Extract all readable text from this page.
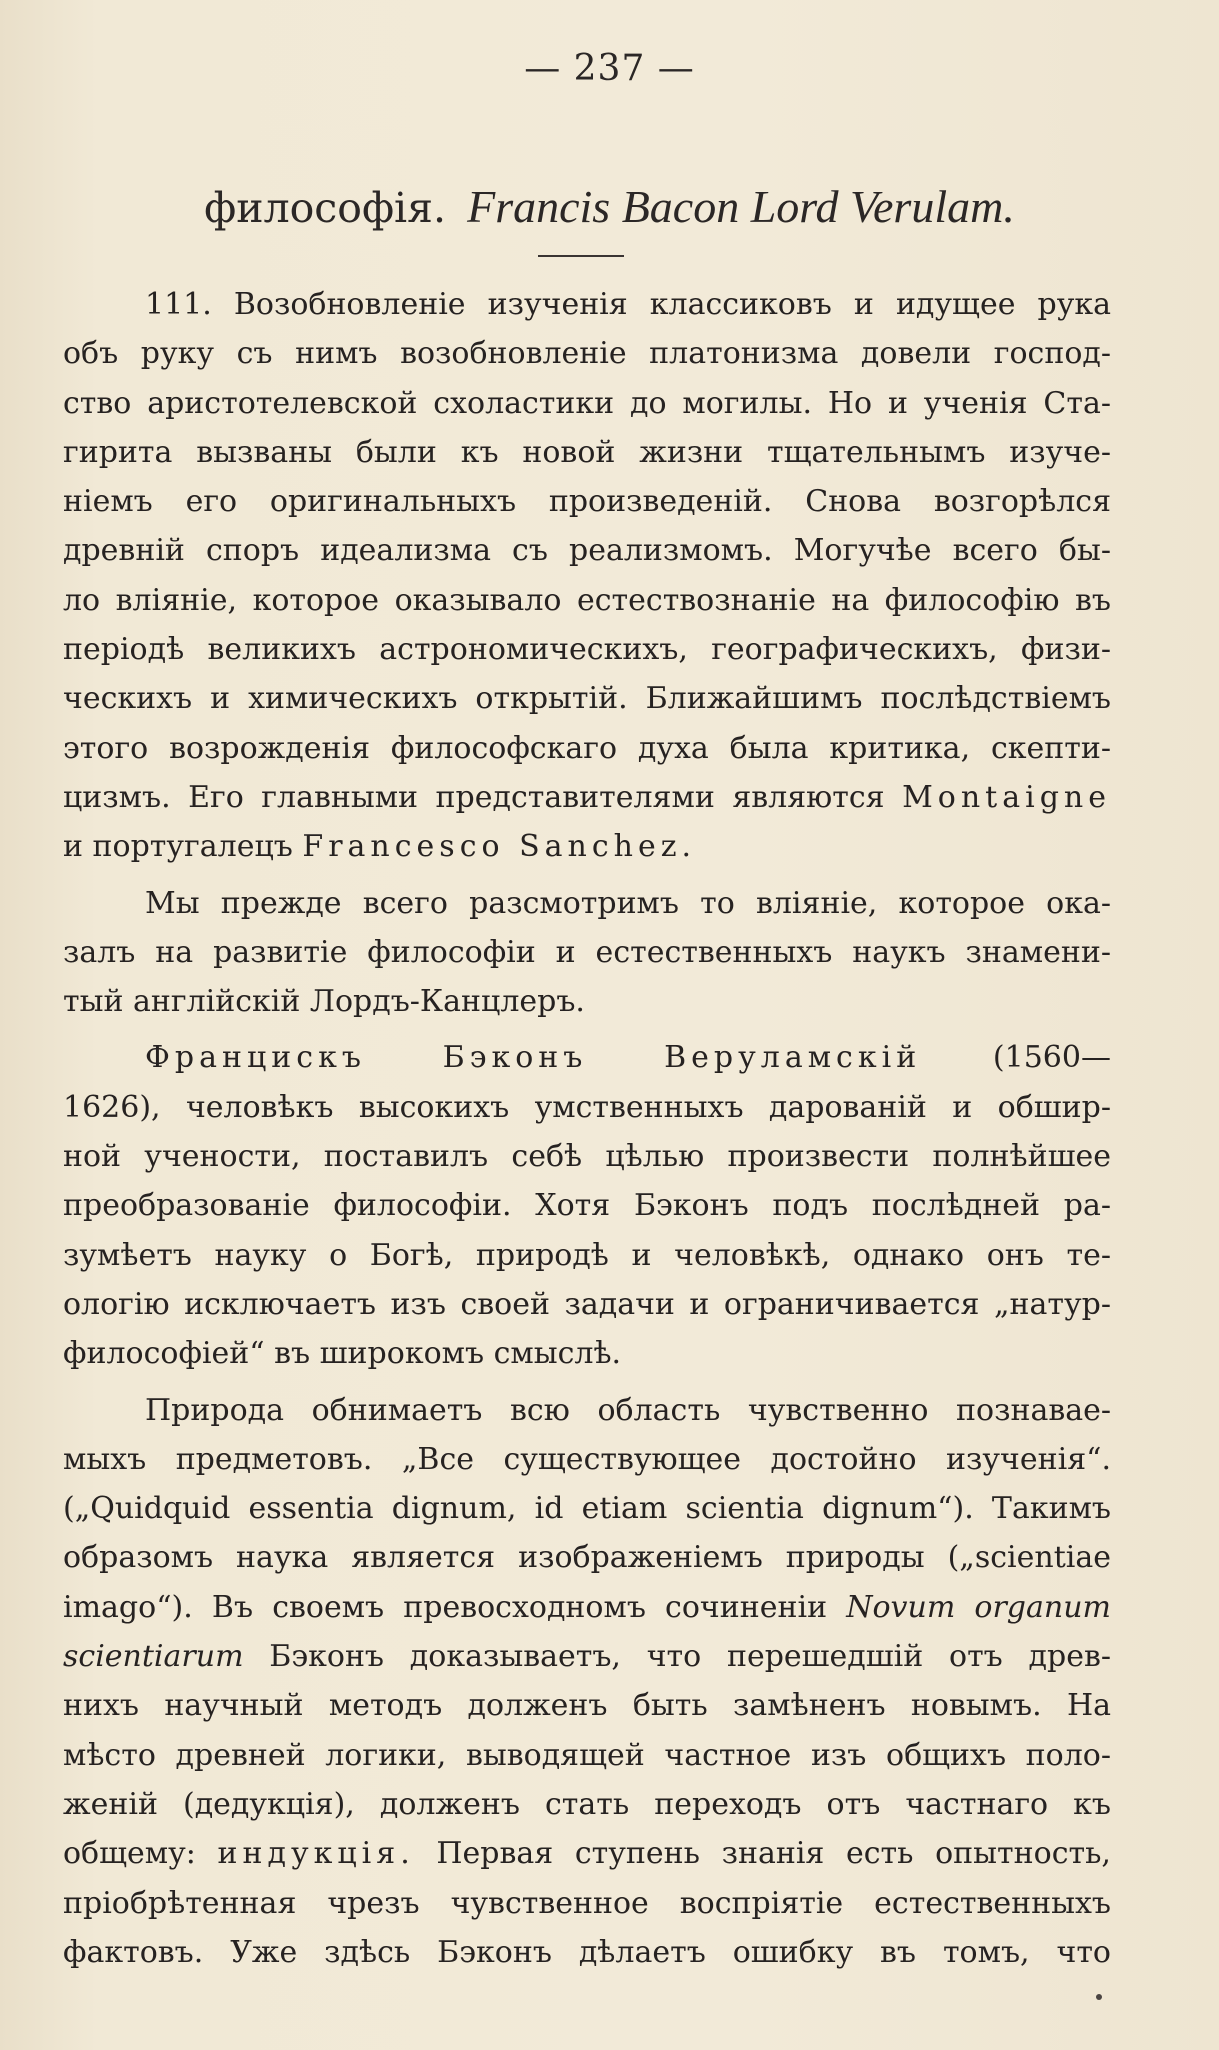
— 237 —
философія. Francis Bacon Lord Verulam.
111. Возобновленіе изученія классиковъ и идущее рука
объ руку съ нимъ возобновленіе платонизма довели господ-
ство аристотелевской схоластики до могилы. Но и ученія Ста-
гирита вызваны были къ новой жизни тщательнымъ изуче-
ніемъ его оригинальныхъ произведеній. Снова возгорѣлся
древній споръ идеализма съ реализмомъ. Могучѣе всего бы-
ло вліяніе, которое оказывало естествознаніе на философію въ
періодѣ великихъ астрономическихъ, географическихъ, физи-
ческихъ и химическихъ открытій. Ближайшимъ послѣдствіемъ
этого возрожденія философскаго духа была критика, скепти-
цизмъ. Его главными представителями являются Montaigne
и португалецъ Francesco Sanchez.
Мы прежде всего разсмотримъ то вліяніе, которое ока-
залъ на развитіе философіи и естественныхъ наукъ знамени-
тый англійскій Лордъ-Канцлеръ.
Францискъ Бэконъ Веруламскій (1560—
1626), человѣкъ высокихъ умственныхъ дарованій и обшир-
ной учености, поставилъ себѣ цѣлью произвести полнѣйшее
преобразованіе философіи. Хотя Бэконъ подъ послѣдней ра-
зумѣетъ науку о Богѣ, природѣ и человѣкѣ, однако онъ те-
ологію исключаетъ изъ своей задачи и ограничивается „натур-
философіей“ въ широкомъ смыслѣ.
Природа обнимаетъ всю область чувственно познавае-
мыхъ предметовъ. „Все существующее достойно изученія“.
(„Quidquid essentia dignum, id etiam scientia dignum“). Такимъ
образомъ наука является изображеніемъ природы („scientiae
imago“). Въ своемъ превосходномъ сочиненіи Novum organum
scientiarum Бэконъ доказываетъ, что перешедшій отъ древ-
нихъ научный методъ долженъ быть замѣненъ новымъ. На
мѣсто древней логики, выводящей частное изъ общихъ поло-
женій (дедукція), долженъ стать переходъ отъ частнаго къ
общему: индукція. Первая ступень знанія есть опытность,
пріобрѣтенная чрезъ чувственное воспріятіе естественныхъ
фактовъ. Уже здѣсь Бэконъ дѣлаетъ ошибку въ томъ, что
